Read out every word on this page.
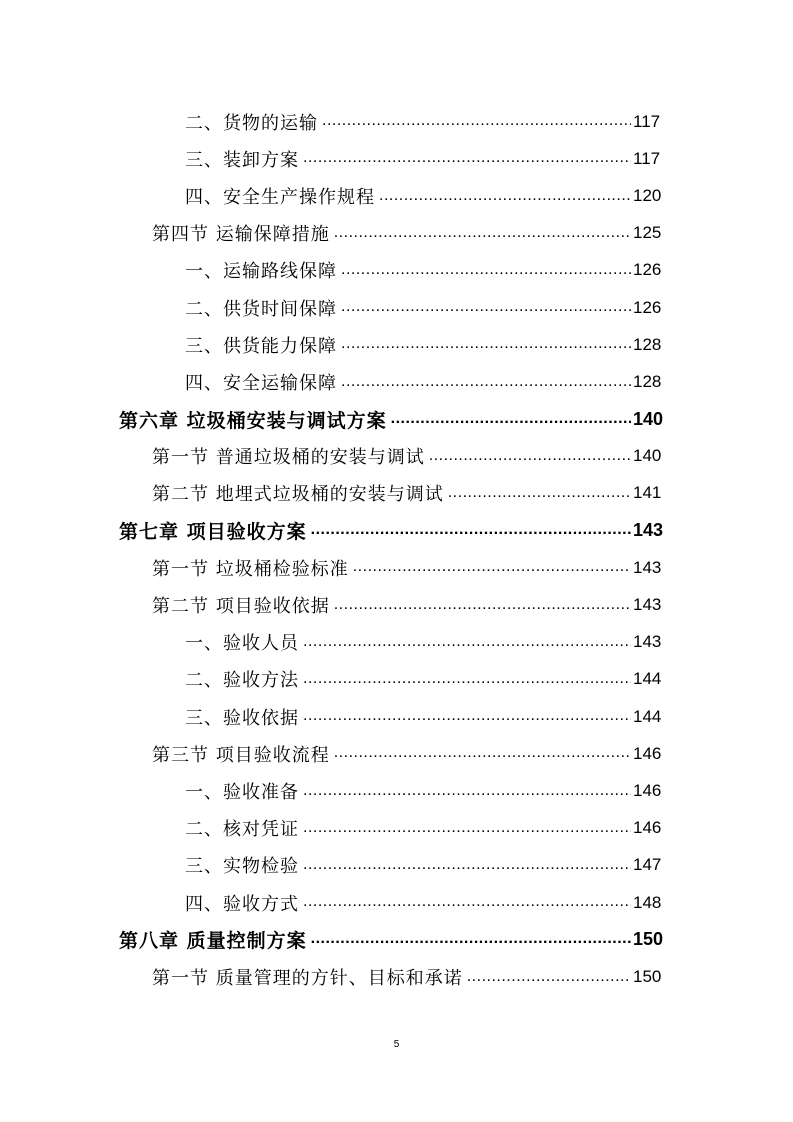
二、货物的运输 .....	117
三、装卸方案 .....	117
四、安全生产操作规程 .....	120
第四节 运输保障措施 .....	125
一、运输路线保障 .....	126
二、供货时间保障 .....	126
三、供货能力保障 .....	128
四、安全运输保障 .....	128
第六章 垃圾桶安装与调试方案 .....	140
第一节 普通垃圾桶的安装与调试 .....	140
第二节 地埋式垃圾桶的安装与调试 .....	141
第七章 项目验收方案 .....	143
第一节 垃圾桶检验标准 .....	143
第二节 项目验收依据 .....	143
一、验收人员 .....	143
二、验收方法 .....	144
三、验收依据 .....	144
第三节 项目验收流程 .....	146
一、验收准备 .....	146
二、核对凭证 .....	146
三、实物检验 .....	147
四、验收方式 .....	148
第八章 质量控制方案 .....	150
第一节 质量管理的方针、目标和承诺 .....	150
5
